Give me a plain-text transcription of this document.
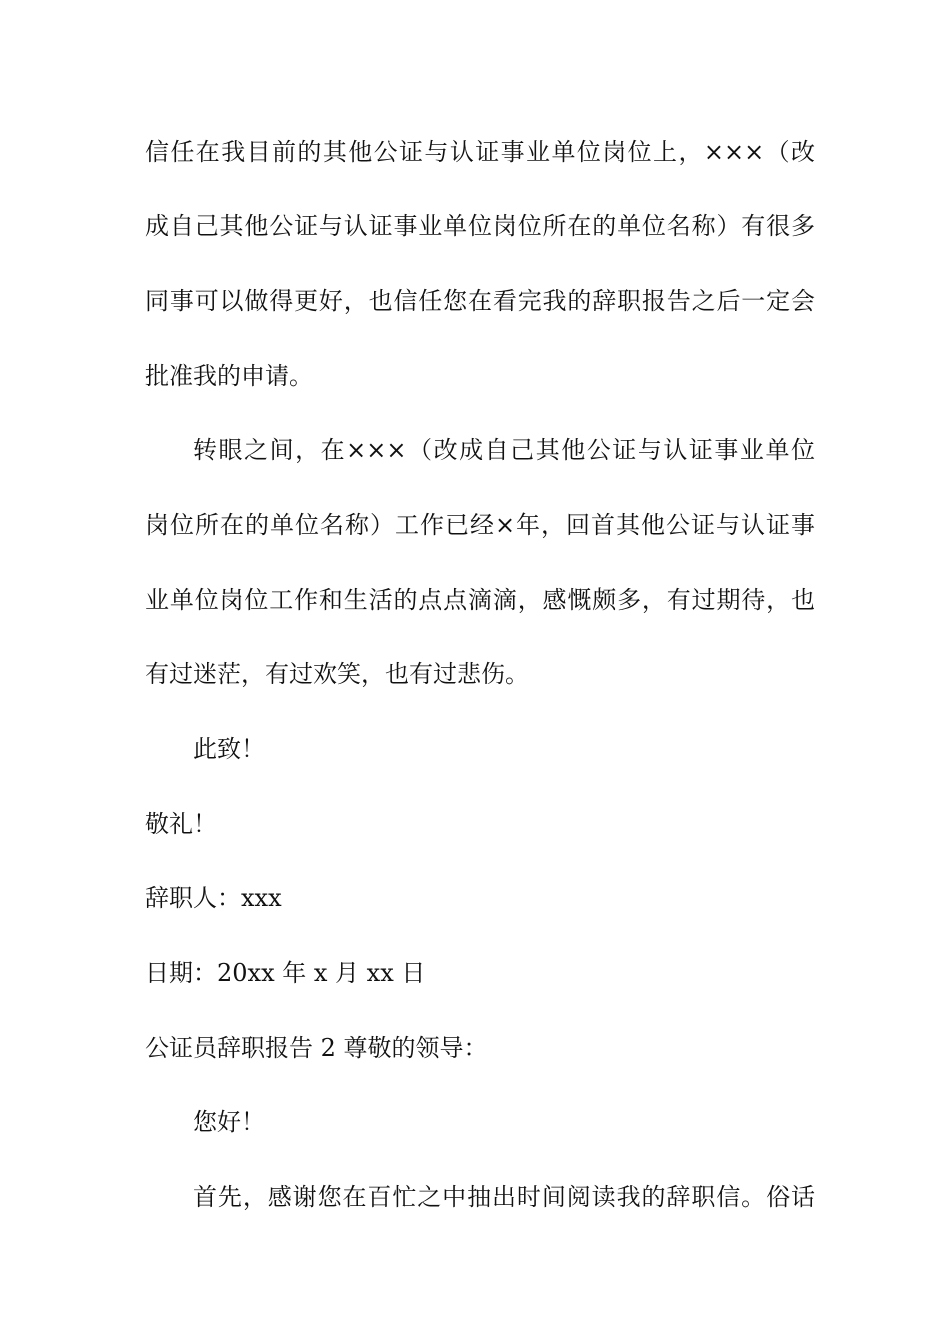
信任在我目前的其他公证与认证事业单位岗位上，×××（改
成自己其他公证与认证事业单位岗位所在的单位名称）有很多
同事可以做得更好，也信任您在看完我的辞职报告之后一定会
批准我的申请。
转眼之间，在×××（改成自己其他公证与认证事业单位
岗位所在的单位名称）工作已经×年，回首其他公证与认证事
业单位岗位工作和生活的点点滴滴，感慨颇多，有过期待，也
有过迷茫，有过欢笑，也有过悲伤。
此致！
敬礼！
辞职人：xxx
日期：20xx 年 x 月 xx 日
公证员辞职报告 2 尊敬的领导：
您好！
首先，感谢您在百忙之中抽出时间阅读我的辞职信。俗话
